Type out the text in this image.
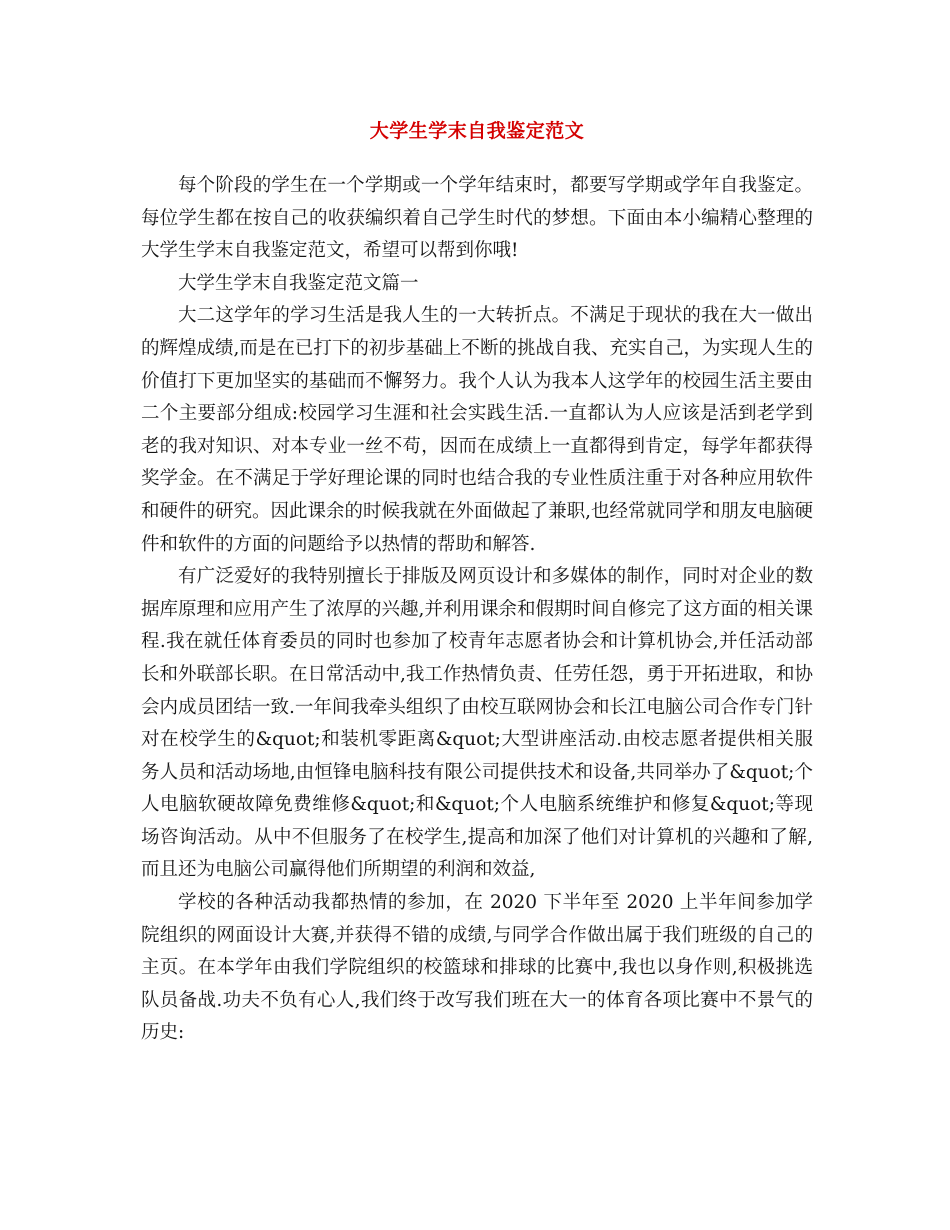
大学生学末自我鉴定范文

每个阶段的学生在一个学期或一个学年结束时，都要写学期或学年自我鉴定。每位学生都在按自己的收获编织着自己学生时代的梦想。下面由本小编精心整理的大学生学末自我鉴定范文，希望可以帮到你哦!

大学生学末自我鉴定范文篇一

大二这学年的学习生活是我人生的一大转折点。不满足于现状的我在大一做出的辉煌成绩,而是在已打下的初步基础上不断的挑战自我、充实自己，为实现人生的价值打下更加坚实的基础而不懈努力。我个人认为我本人这学年的校园生活主要由二个主要部分组成:校园学习生涯和社会实践生活.一直都认为人应该是活到老学到老的我对知识、对本专业一丝不苟，因而在成绩上一直都得到肯定，每学年都获得奖学金。在不满足于学好理论课的同时也结合我的专业性质注重于对各种应用软件和硬件的研究。因此课余的时候我就在外面做起了兼职,也经常就同学和朋友电脑硬件和软件的方面的问题给予以热情的帮助和解答.

有广泛爱好的我特别擅长于排版及网页设计和多媒体的制作，同时对企业的数据库原理和应用产生了浓厚的兴趣,并利用课余和假期时间自修完了这方面的相关课程.我在就任体育委员的同时也参加了校青年志愿者协会和计算机协会,并任活动部长和外联部长职。在日常活动中,我工作热情负责、任劳任怨，勇于开拓进取，和协会内成员团结一致.一年间我牵头组织了由校互联网协会和长江电脑公司合作专门针对在校学生的&quot;和装机零距离&quot;大型讲座活动.由校志愿者提供相关服务人员和活动场地,由恒锋电脑科技有限公司提供技术和设备,共同举办了&quot;个人电脑软硬故障免费维修&quot;和&quot;个人电脑系统维护和修复&quot;等现场咨询活动。从中不但服务了在校学生,提高和加深了他们对计算机的兴趣和了解,而且还为电脑公司赢得他们所期望的利润和效益,

学校的各种活动我都热情的参加，在 2020 下半年至 2020 上半年间参加学院组织的网面设计大赛,并获得不错的成绩,与同学合作做出属于我们班级的自己的主页。在本学年由我们学院组织的校篮球和排球的比赛中,我也以身作则,积极挑选队员备战.功夫不负有心人,我们终于改写我们班在大一的体育各项比赛中不景气的历史:
